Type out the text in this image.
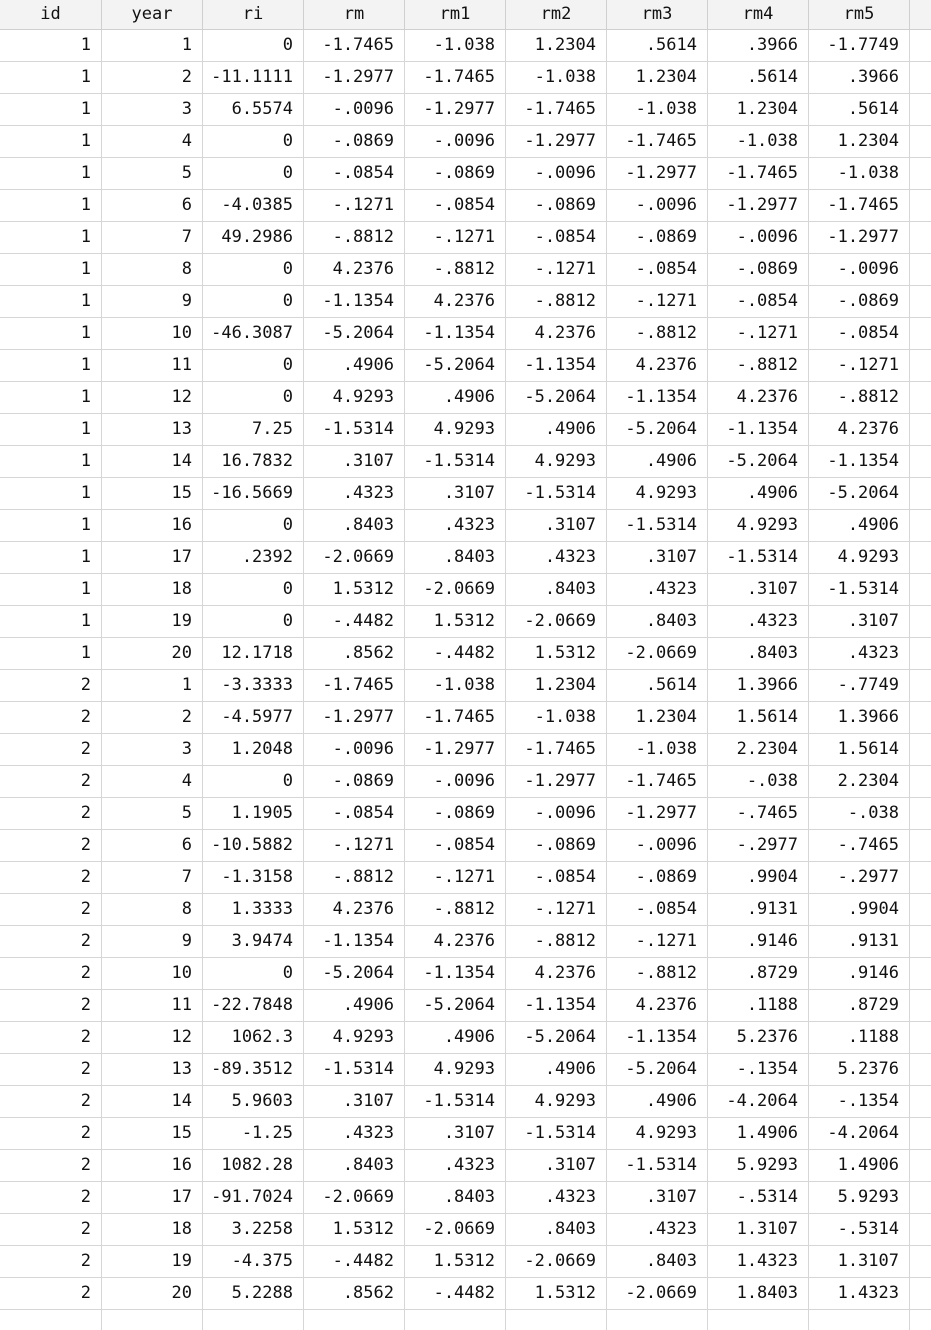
id	year	ri	rm	rm1	rm2	rm3	rm4	rm5
1	1	0	-1.7465	-1.038	1.2304	.5614	.3966	-1.7749
1	2	-11.1111	-1.2977	-1.7465	-1.038	1.2304	.5614	.3966
1	3	6.5574	-.0096	-1.2977	-1.7465	-1.038	1.2304	.5614
1	4	0	-.0869	-.0096	-1.2977	-1.7465	-1.038	1.2304
1	5	0	-.0854	-.0869	-.0096	-1.2977	-1.7465	-1.038
1	6	-4.0385	-.1271	-.0854	-.0869	-.0096	-1.2977	-1.7465
1	7	49.2986	-.8812	-.1271	-.0854	-.0869	-.0096	-1.2977
1	8	0	4.2376	-.8812	-.1271	-.0854	-.0869	-.0096
1	9	0	-1.1354	4.2376	-.8812	-.1271	-.0854	-.0869
1	10	-46.3087	-5.2064	-1.1354	4.2376	-.8812	-.1271	-.0854
1	11	0	.4906	-5.2064	-1.1354	4.2376	-.8812	-.1271
1	12	0	4.9293	.4906	-5.2064	-1.1354	4.2376	-.8812
1	13	7.25	-1.5314	4.9293	.4906	-5.2064	-1.1354	4.2376
1	14	16.7832	.3107	-1.5314	4.9293	.4906	-5.2064	-1.1354
1	15	-16.5669	.4323	.3107	-1.5314	4.9293	.4906	-5.2064
1	16	0	.8403	.4323	.3107	-1.5314	4.9293	.4906
1	17	.2392	-2.0669	.8403	.4323	.3107	-1.5314	4.9293
1	18	0	1.5312	-2.0669	.8403	.4323	.3107	-1.5314
1	19	0	-.4482	1.5312	-2.0669	.8403	.4323	.3107
1	20	12.1718	.8562	-.4482	1.5312	-2.0669	.8403	.4323
2	1	-3.3333	-1.7465	-1.038	1.2304	.5614	1.3966	-.7749
2	2	-4.5977	-1.2977	-1.7465	-1.038	1.2304	1.5614	1.3966
2	3	1.2048	-.0096	-1.2977	-1.7465	-1.038	2.2304	1.5614
2	4	0	-.0869	-.0096	-1.2977	-1.7465	-.038	2.2304
2	5	1.1905	-.0854	-.0869	-.0096	-1.2977	-.7465	-.038
2	6	-10.5882	-.1271	-.0854	-.0869	-.0096	-.2977	-.7465
2	7	-1.3158	-.8812	-.1271	-.0854	-.0869	.9904	-.2977
2	8	1.3333	4.2376	-.8812	-.1271	-.0854	.9131	.9904
2	9	3.9474	-1.1354	4.2376	-.8812	-.1271	.9146	.9131
2	10	0	-5.2064	-1.1354	4.2376	-.8812	.8729	.9146
2	11	-22.7848	.4906	-5.2064	-1.1354	4.2376	.1188	.8729
2	12	1062.3	4.9293	.4906	-5.2064	-1.1354	5.2376	.1188
2	13	-89.3512	-1.5314	4.9293	.4906	-5.2064	-.1354	5.2376
2	14	5.9603	.3107	-1.5314	4.9293	.4906	-4.2064	-.1354
2	15	-1.25	.4323	.3107	-1.5314	4.9293	1.4906	-4.2064
2	16	1082.28	.8403	.4323	.3107	-1.5314	5.9293	1.4906
2	17	-91.7024	-2.0669	.8403	.4323	.3107	-.5314	5.9293
2	18	3.2258	1.5312	-2.0669	.8403	.4323	1.3107	-.5314
2	19	-4.375	-.4482	1.5312	-2.0669	.8403	1.4323	1.3107
2	20	5.2288	.8562	-.4482	1.5312	-2.0669	1.8403	1.4323
